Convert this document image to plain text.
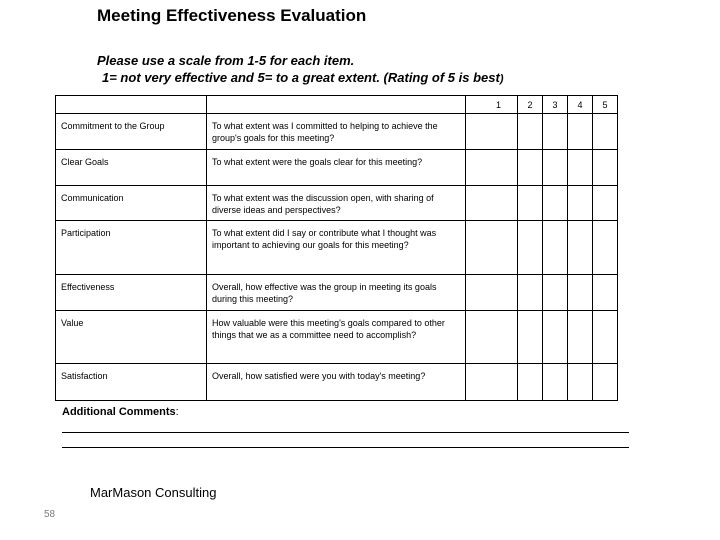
Meeting Effectiveness Evaluation
Please use a scale from 1-5 for each item.
1= not very effective and 5= to a great extent. (Rating of 5 is best)
		1	2	3	4	5
Commitment to the Group	To what extent was I committed to helping to achieve the group's goals for this meeting?					
Clear Goals	To what extent were the goals clear for this meeting?					
Communication	To what extent was the discussion open, with sharing of diverse ideas and perspectives?					
Participation	To what extent did I say or contribute what I thought was important to achieving our goals for this meeting?					
Effectiveness	Overall, how effective was the group in meeting its goals during this meeting?					
Value	How valuable were this meeting's goals compared to other things that we as a committee need to accomplish?					
Satisfaction	Overall, how satisfied were you with today's meeting?					
Additional Comments:
MarMason Consulting
58
